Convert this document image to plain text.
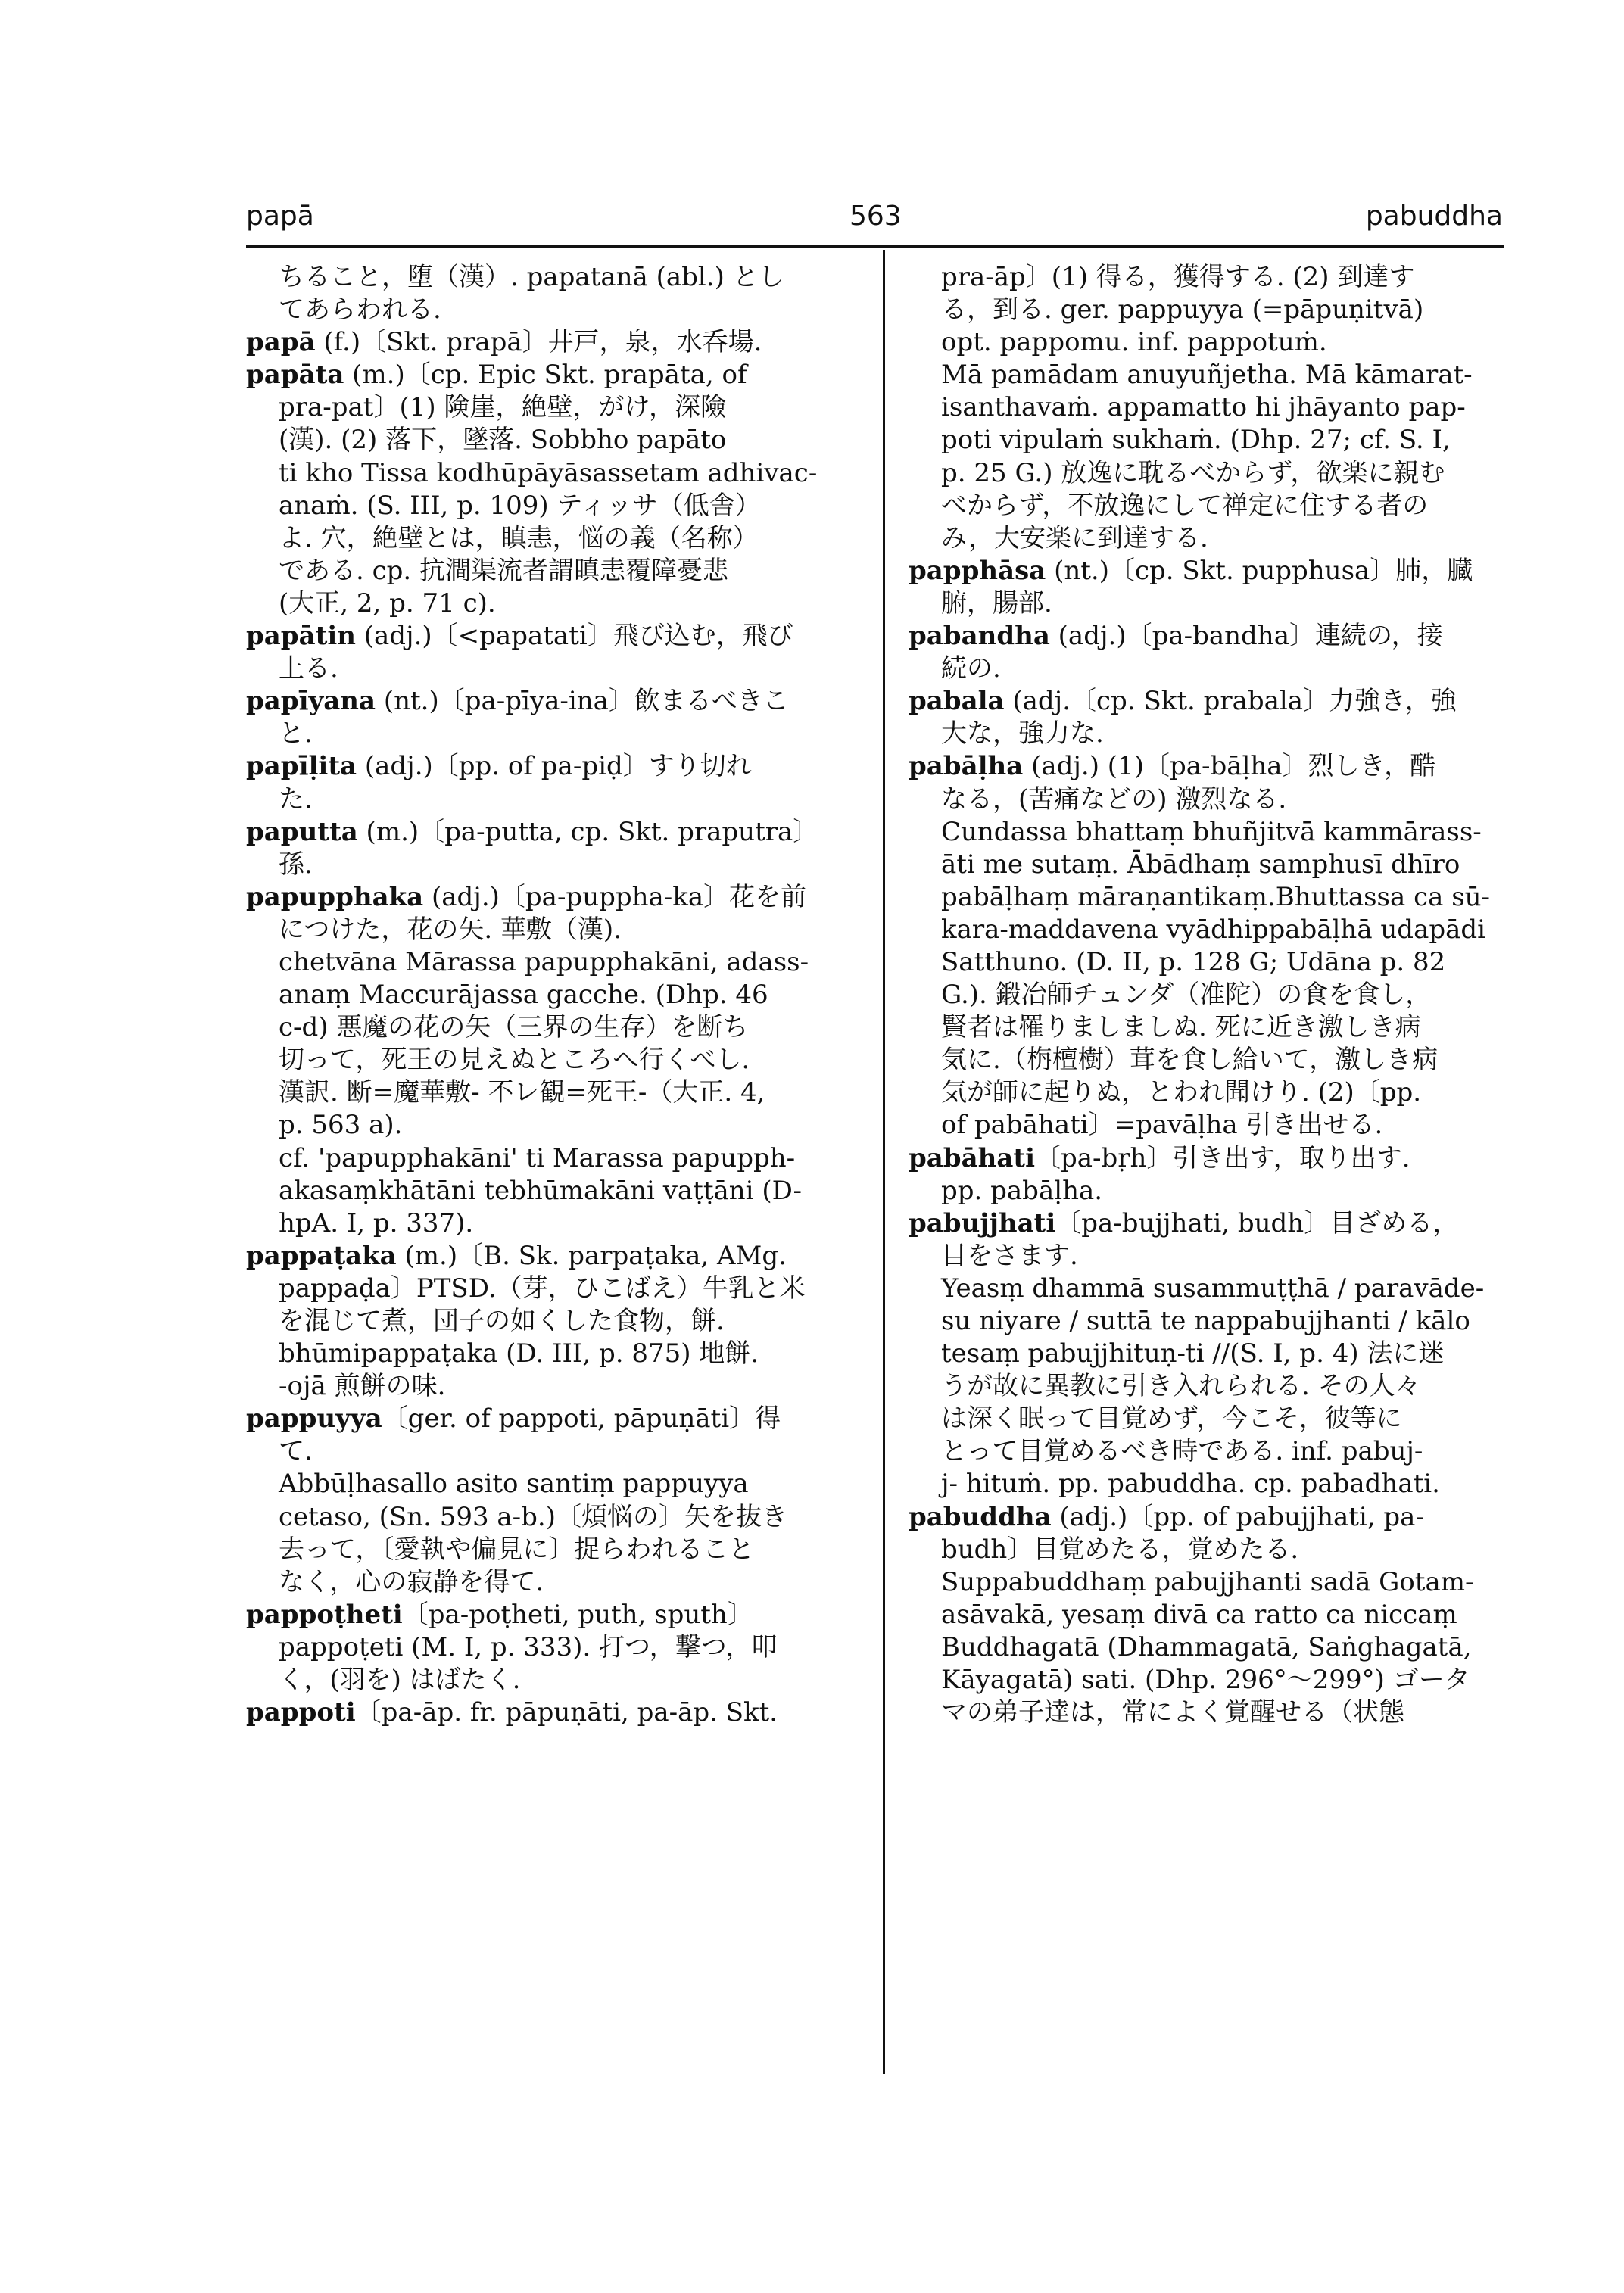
papā	563	pabuddha
ちること，堕（漢）. papatanā (abl.) とし
てあらわれる.
papā (f.)〔Skt. prapā〕井戸，泉，水呑場.
papāta (m.)〔cp. Epic Skt. prapāta, of
pra-pat〕(1) 険崖，絶壁，がけ，深險
(漢). (2) 落下，墜落. Sobbho papāto
ti kho Tissa kodhūpāyāsassetam adhivac-
anaṁ. (S. III, p. 109) ティッサ（低舎）
よ. 穴，絶壁とは，瞋恚，悩の義（名称）
である. cp. 抗澗渠流者謂瞋恚覆障憂悲
(大正, 2, p. 71 c).
papātin (adj.)〔<papatati〕飛び込む，飛び
上る.
papīyana (nt.)〔pa-pīya-ina〕飲まるべきこ
と.
papīḷita (adj.)〔pp. of pa-piḍ〕すり切れ
た.
paputta (m.)〔pa-putta, cp. Skt. praputra〕
孫.
papupphaka (adj.)〔pa-puppha-ka〕花を前
につけた，花の矢. 華敷（漢).
chetvāna Mārassa papupphakāni, adass-
anaṃ Maccurājassa gacche. (Dhp. 46
c-d) 悪魔の花の矢（三界の生存）を断ち
切って，死王の見えぬところへ行くべし.
漢訳. 断=魔華敷- 不レ観=死王-（大正. 4,
p. 563 a).
cf. 'papupphakāni' ti Marassa papupph-
akasaṃkhātāni tebhūmakāni vaṭṭāni (D-
hpA. I, p. 337).
pappaṭaka (m.)〔B. Sk. parpaṭaka, AMg.
pappaḍa〕PTSD.（芽，ひこばえ）牛乳と米
を混じて煮，団子の如くした食物，餅.
bhūmipappaṭaka (D. III, p. 875) 地餅.
-ojā 煎餅の味.
pappuyya〔ger. of pappoti, pāpuṇāti〕得
て.
Abbūḷhasallo asito santiṃ pappuyya
cetaso, (Sn. 593 a-b.)〔煩悩の〕矢を抜き
去って，〔愛執や偏見に〕捉らわれること
なく，心の寂静を得て.
pappoṭheti〔pa-poṭheti, puth, sputh〕
pappoṭeti (M. I, p. 333). 打つ，撃つ，叩
く，(羽を) はばたく.
pappoti〔pa-āp. fr. pāpuṇāti, pa-āp. Skt.
pra-āp〕(1) 得る，獲得する. (2) 到達す
る，到る. ger. pappuyya (=pāpuṇitvā)
opt. pappomu. inf. pappotuṁ.
Mā pamādam anuyuñjetha. Mā kāmarat-
isanthavaṁ. appamatto hi jhāyanto pap-
poti vipulaṁ sukhaṁ. (Dhp. 27; cf. S. I,
p. 25 G.) 放逸に耽るべからず，欲楽に親む
べからず，不放逸にして禅定に住する者の
み，大安楽に到達する.
papphāsa (nt.)〔cp. Skt. pupphusa〕肺，臓
腑，腸部.
pabandha (adj.)〔pa-bandha〕連続の，接
続の.
pabala (adj.〔cp. Skt. prabala〕力強き，強
大な，強力な.
pabāḷha (adj.) (1)〔pa-bāḷha〕烈しき，酷
なる，(苦痛などの) 激烈なる.
Cundassa bhattaṃ bhuñjitvā kammārass-
āti me sutaṃ. Ābādhaṃ samphusī dhīro
pabāḷhaṃ māraṇantikaṃ.Bhuttassa ca sū-
kara-maddavena vyādhippabāḷhā udapādi
Satthuno. (D. II, p. 128 G; Udāna p. 82
G.). 鍛冶師チュンダ（准陀）の食を食し，
賢者は罹りましましぬ. 死に近き激しき病
気に.（栴檀樹）茸を食し給いて，激しき病
気が師に起りぬ，とわれ聞けり. (2)〔pp.
of pabāhati〕=pavāḷha 引き出せる.
pabāhati〔pa-bṛh〕引き出す，取り出す.
pp. pabāḷha.
pabujjhati〔pa-bujjhati, budh〕目ざめる，
目をさます.
Yeasṃ dhammā susammuṭṭhā / paravāde-
su niyare / suttā te nappabujjhanti / kālo
tesaṃ pabujjhituṇ-ti //(S. I, p. 4) 法に迷
うが故に異教に引き入れられる. その人々
は深く眠って目覚めず，今こそ，彼等に
とって目覚めるべき時である. inf. pabuj-
j- hituṁ. pp. pabuddha. cp. pabadhati.
pabuddha (adj.)〔pp. of pabujjhati, pa-
budh〕目覚めたる，覚めたる.
Suppabuddhaṃ pabujjhanti sadā Gotam-
asāvakā, yesaṃ divā ca ratto ca niccaṃ
Buddhagatā (Dhammagatā, Saṅghagatā,
Kāyagatā) sati. (Dhp. 296°〜299°) ゴータ
マの弟子達は，常によく覚醒せる（状態
